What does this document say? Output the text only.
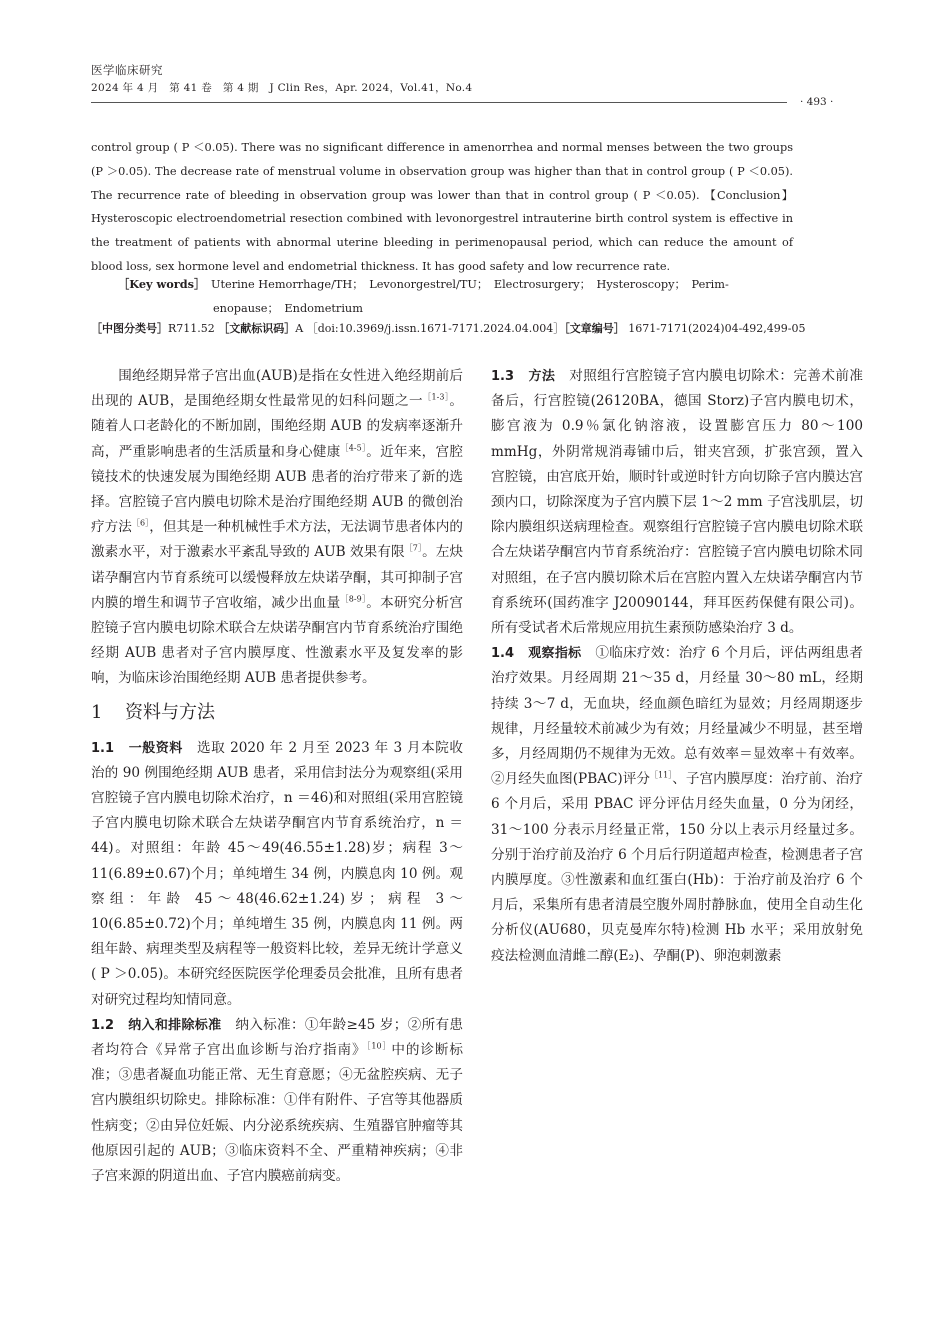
医学临床研究
2024 年 4 月　第 41 卷　第 4 期　J Clin Res，Apr. 2024，Vol.41，No.4
· 493 ·
control group ( P ＜0.05). There was no significant difference in amenorrhea and normal menses between the two groups (P ＞0.05). The decrease rate of menstrual volume in observation group was higher than that in control group ( P ＜0.05). The recurrence rate of bleeding in observation group was lower than that in control group ( P ＜0.05). 【Conclusion】Hysteroscopic electroendometrial resection combined with levonorgestrel intrauterine birth control system is effective in the treatment of patients with abnormal uterine bleeding in perimenopausal period, which can reduce the amount of blood loss, sex hormone level and endometrial thickness. It has good safety and low recurrence rate.
［Key words］　 Uterine Hemorrhage/TH；　Levonorgestrel/TU；　Electrosurgery；　Hysteroscopy；　Perim-
enopause；　Endometrium
［中图分类号］R711.52 ［文献标识码］A ［doi:10.3969/j.issn.1671-7171.2024.04.004］［文章编号］ 1671-7171(2024)04-492,499-05

围绝经期异常子宫出血(AUB)是指在女性进入绝经期前后出现的 AUB，是围绝经期女性最常见的妇科问题之一$^{[1-3]}$。随着人口老龄化的不断加剧，围绝经期 AUB 的发病率逐渐升高，严重影响患者的生活质量和身心健康$^{[4-5]}$。近年来，宫腔镜技术的快速发展为围绝经期 AUB 患者的治疗带来了新的选择。宫腔镜子宫内膜电切除术是治疗围绝经期 AUB 的微创治疗方法$^{[6]}$，但其是一种机械性手术方法，无法调节患者体内的激素水平，对于激素水平紊乱导致的 AUB 效果有限$^{[7]}$。左炔诺孕酮宫内节育系统可以缓慢释放左炔诺孕酮，其可抑制子宫内膜的增生和调节子宫收缩，减少出血量$^{[8-9]}$。本研究分析宫腔镜子宫内膜电切除术联合左炔诺孕酮宫内节育系统治疗围绝经期 AUB 患者对子宫内膜厚度、性激素水平及复发率的影响，为临床诊治围绝经期 AUB 患者提供参考。

1 资料与方法

1.1　 一般资料　 选取 2020 年 2 月至 2023 年 3 月本院收治的 90 例围绝经期 AUB 患者，采用信封法分为观察组(采用宫腔镜子宫内膜电切除术治疗，n ＝46)和对照组(采用宫腔镜子宫内膜电切除术联合左炔诺孕酮宫内节育系统治疗，n ＝44)。对照组：年龄 45～49(46.55±1.28)岁；病程 3～11(6.89±0.67)个月；单纯增生 34 例，内膜息肉 10 例。观察组：年龄 45～48(46.62±1.24)岁；病程 3～10(6.85±0.72)个月；单纯增生 35 例，内膜息肉 11 例。两组年龄、病理类型及病程等一般资料比较，差异无统计学意义 ( P ＞0.05)。本研究经医院医学伦理委员会批准，且所有患者对研究过程均知情同意。

1.2　 纳入和排除标准　 纳入标准：①年龄≥45 岁；②所有患者均符合《异常子宫出血诊断与治疗指南》$^{[10]}$中的诊断标准；③患者凝血功能正常、无生育意愿；④无盆腔疾病、无子宫内膜组织切除史。排除标准：①伴有附件、子宫等其他器质性病变；②由异位妊娠、内分泌系统疾病、生殖器官肿瘤等其他原因引起的 AUB；③临床资料不全、严重精神疾病；④非子宫来源的阴道出血、子宫内膜癌前病变。

1.3　 方法　 对照组行宫腔镜子宫内膜电切除术：完善术前准备后，行宫腔镜(26120BA，德国 Storz)子宫内膜电切术，膨宫液为 0.9％氯化钠溶液，设置膨宫压力 80～100 mmHg，外阴常规消毒铺巾后，钳夹宫颈，扩张宫颈，置入宫腔镜，由宫底开始，顺时针或逆时针方向切除子宫内膜达宫颈内口，切除深度为子宫内膜下层 1～2 mm 子宫浅肌层，切除内膜组织送病理检查。观察组行宫腔镜子宫内膜电切除术联合左炔诺孕酮宫内节育系统治疗：宫腔镜子宫内膜电切除术同对照组，在子宫内膜切除术后在宫腔内置入左炔诺孕酮宫内节育系统环(国药准字 J20090144，拜耳医药保健有限公司)。所有受试者术后常规应用抗生素预防感染治疗 3 d。

1.4　 观察指标　 ①临床疗效：治疗 6 个月后，评估两组患者治疗效果。月经周期 21～35 d，月经量 30～80 mL，经期持续 3～7 d，无血块，经血颜色暗红为显效；月经周期逐步规律，月经量较术前减少为有效；月经量减少不明显，甚至增多，月经周期仍不规律为无效。总有效率＝显效率＋有效率。②月经失血图(PBAC)评分$^{[11]}$、子宫内膜厚度：治疗前、治疗 6 个月后，采用 PBAC 评分评估月经失血量，0 分为闭经，31～100 分表示月经量正常，150 分以上表示月经量过多。分别于治疗前及治疗 6 个月后行阴道超声检查，检测患者子宫内膜厚度。③性激素和血红蛋白(Hb)：于治疗前及治疗 6 个月后，采集所有患者清晨空腹外周肘静脉血，使用全自动生化分析仪(AU680，贝克曼库尔特)检测 Hb 水平；采用放射免疫法检测血清雌二醇(E₂)、孕酮(P)、卵泡刺激素
